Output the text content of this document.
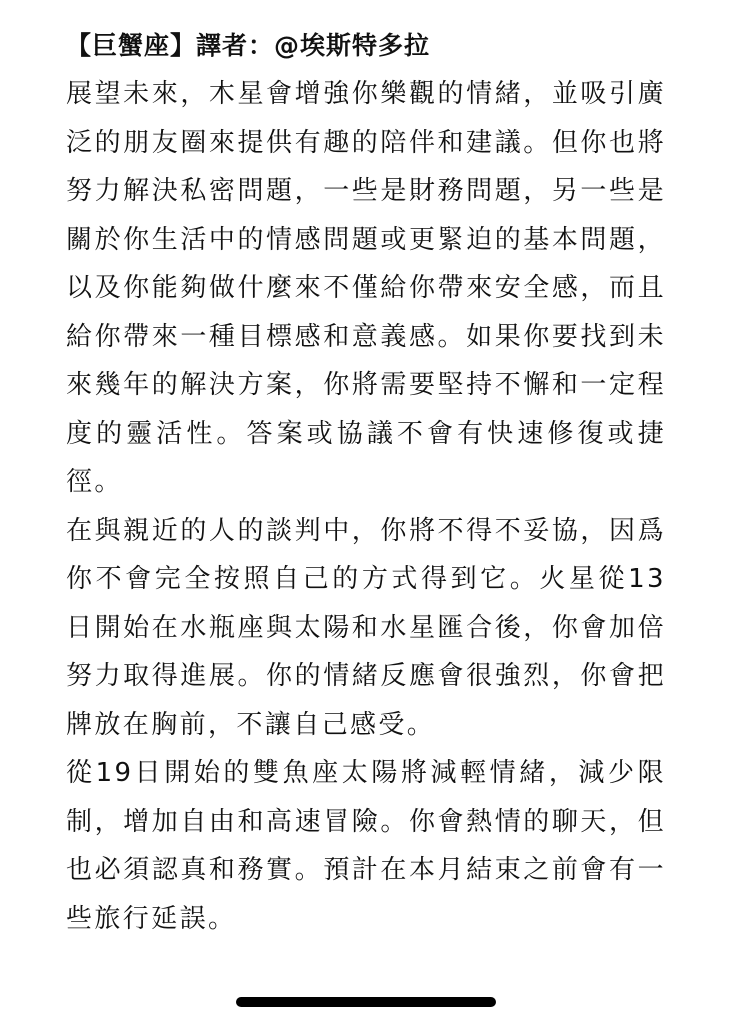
【巨蟹座】譯者：@埃斯特多拉

展望未來，木星會增強你樂觀的情緒，並吸引廣泛的朋友圈來提供有趣的陪伴和建議。但你也將努力解決私密問題，一些是財務問題，另一些是關於你生活中的情感問題或更緊迫的基本問題，以及你能夠做什麼來不僅給你帶來安全感，而且給你帶來一種目標感和意義感。如果你要找到未來幾年的解決方案，你將需要堅持不懈和一定程度的靈活性。答案或協議不會有快速修復或捷徑。

在與親近的人的談判中，你將不得不妥協，因爲你不會完全按照自己的方式得到它。火星從13日開始在水瓶座與太陽和水星匯合後，你會加倍努力取得進展。你的情緒反應會很強烈，你會把牌放在胸前，不讓自己感受。

從19日開始的雙魚座太陽將減輕情緒，減少限制，增加自由和高速冒險。你會熱情的聊天，但也必須認真和務實。預計在本月結束之前會有一些旅行延誤。
